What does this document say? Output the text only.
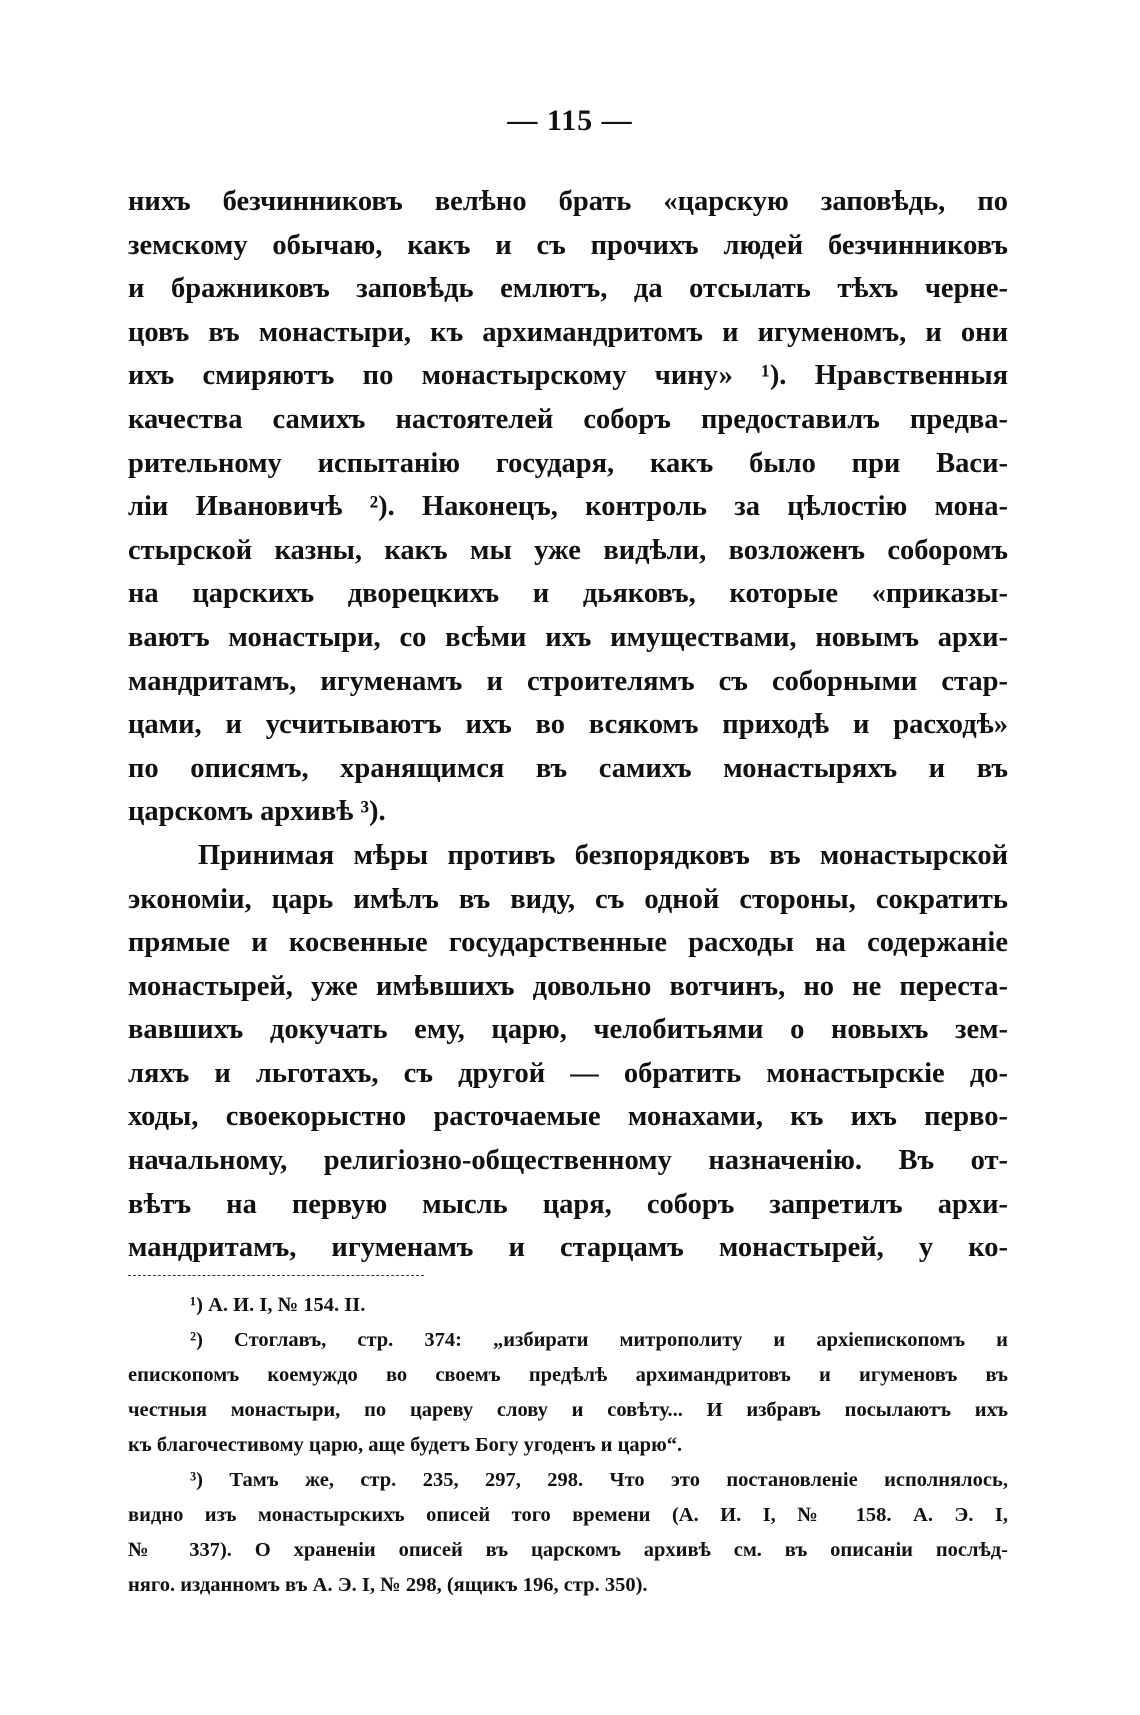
— 115 —
нихъ безчинниковъ велѣно брать «царскую заповѣдь, по
земскому обычаю, какъ и съ прочихъ людей безчинниковъ
и бражниковъ заповѣдь емлютъ, да отсылать тѣхъ черне-
цовъ въ монастыри, къ архимандритомъ и игуменомъ, и они
ихъ смиряютъ по монастырскому чину» ¹). Нравственныя
качества самихъ настоятелей соборъ предоставилъ предва-
рительному испытанію государя, какъ было при Васи-
ліи Ивановичѣ ²). Наконецъ, контроль за цѣлостію мона-
стырской казны, какъ мы уже видѣли, возложенъ соборомъ
на царскихъ дворецкихъ и дьяковъ, которые «приказы-
ваютъ монастыри, со всѣми ихъ имуществами, новымъ архи-
мандритамъ, игуменамъ и строителямъ съ соборными стар-
цами, и усчитываютъ ихъ во всякомъ приходѣ и расходѣ»
по описямъ, хранящимся въ самихъ монастыряхъ и въ
царскомъ архивѣ ³).
Принимая мѣры противъ безпорядковъ въ монастырской
экономіи, царь имѣлъ въ виду, съ одной стороны, сократить
прямые и косвенные государственные расходы на содержаніе
монастырей, уже имѣвшихъ довольно вотчинъ, но не переста-
вавшихъ докучать ему, царю, челобитьями о новыхъ зем-
ляхъ и льготахъ, съ другой — обратить монастырскіе до-
ходы, своекорыстно расточаемые монахами, къ ихъ перво-
начальному, религіозно-общественному назначенію. Въ от-
вѣтъ на первую мысль царя, соборъ запретилъ архи-
мандритамъ, игуменамъ и старцамъ монастырей, у ко-
¹) А. И. I, № 154. II.
²) Стоглавъ, стр. 374: „избирати митрополиту и архіепископомъ и
епископомъ коемуждо во своемъ предѣлѣ архимандритовъ и игуменовъ въ
честныя монастыри, по цареву слову и совѣту... И избравъ посылаютъ ихъ
къ благочестивому царю, аще будетъ Богу угоденъ и царю“.
³) Тамъ же, стр. 235, 297, 298. Что это постановленіе исполнялось,
видно изъ монастырскихъ описей того времени (А. И. I, № 158. А. Э. I,
№ 337). О храненіи описей въ царскомъ архивѣ см. въ описаніи послѣд-
няго. изданномъ въ А. Э. I, № 298, (ящикъ 196, стр. 350).
